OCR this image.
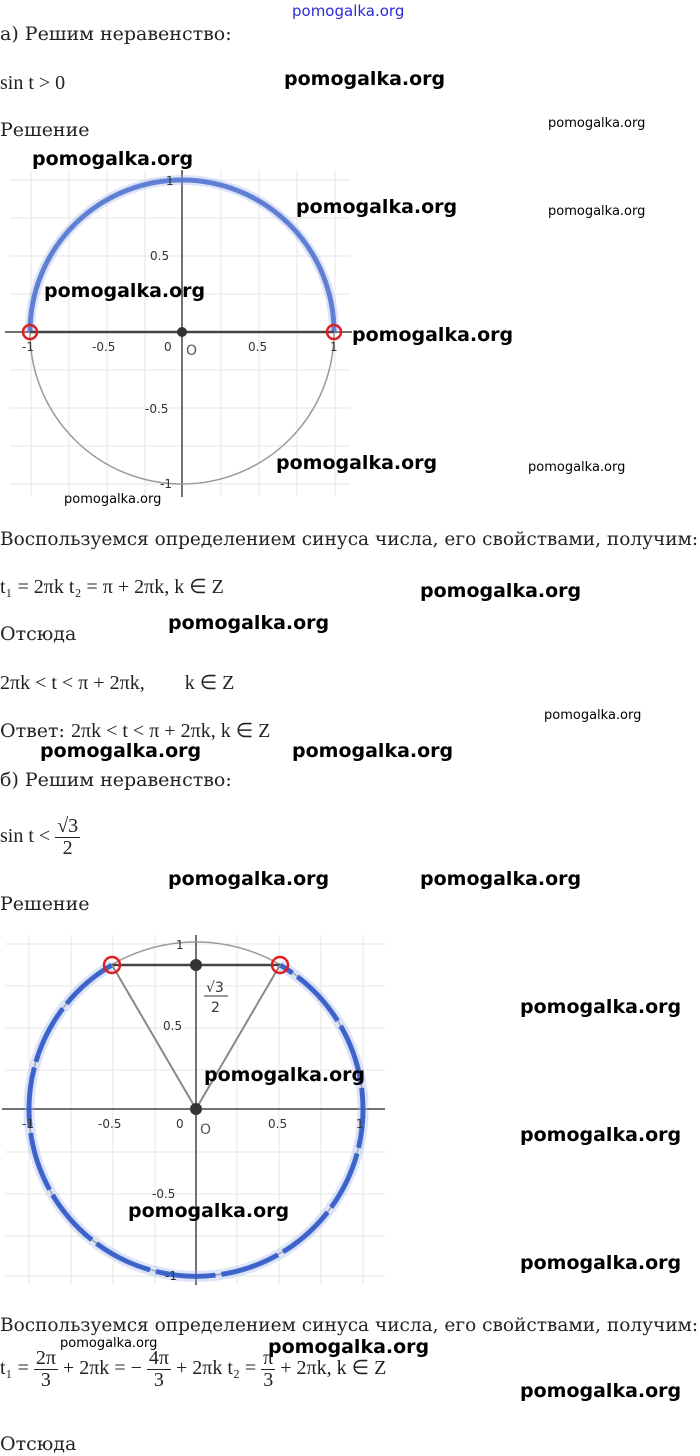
pomogalka.org
а) Решим неравенство:
sin t > 0
Решение
1
0.5
-0.5
-1
-1	-0.5	0	0.5	1
O
Воспользуемся определением синуса числа, его свойствами, получим:
t₁ = 2πk t₂ = π + 2πk, k ∈ Z
Отсюда
2πk < t < π + 2πk,        k ∈ Z
Ответ: 2πk < t < π + 2πk, k ∈ Z
б) Решим неравенство:
$\sin t < \frac{√3}{2}$
Решение
√3
2
1
0.5
-0.5
-1
-1	-0.5	0	0.5	1
O
Воспользуемся определением синуса числа, его свойствами, получим:
$t_1 = \frac{2\pi}{3} + 2\pi k$ = − $\frac{4\pi}{3} + 2\pi k$ $t_2 = \frac{\pi}{3} + 2\pi k$, k ∈ Z
Отсюда
pomogalka.org
pomogalka.org
pomogalka.org
pomogalka.org	pomogalka.org
pomogalka.org
pomogalka.org
pomogalka.org	pomogalka.org
pomogalka.org
pomogalka.org
pomogalka.org
pomogalka.org
pomogalka.org	pomogalka.org
pomogalka.org	pomogalka.org
pomogalka.org
pomogalka.org
pomogalka.org
pomogalka.org
pomogalka.org
pomogalka.org	pomogalka.org
pomogalka.org
